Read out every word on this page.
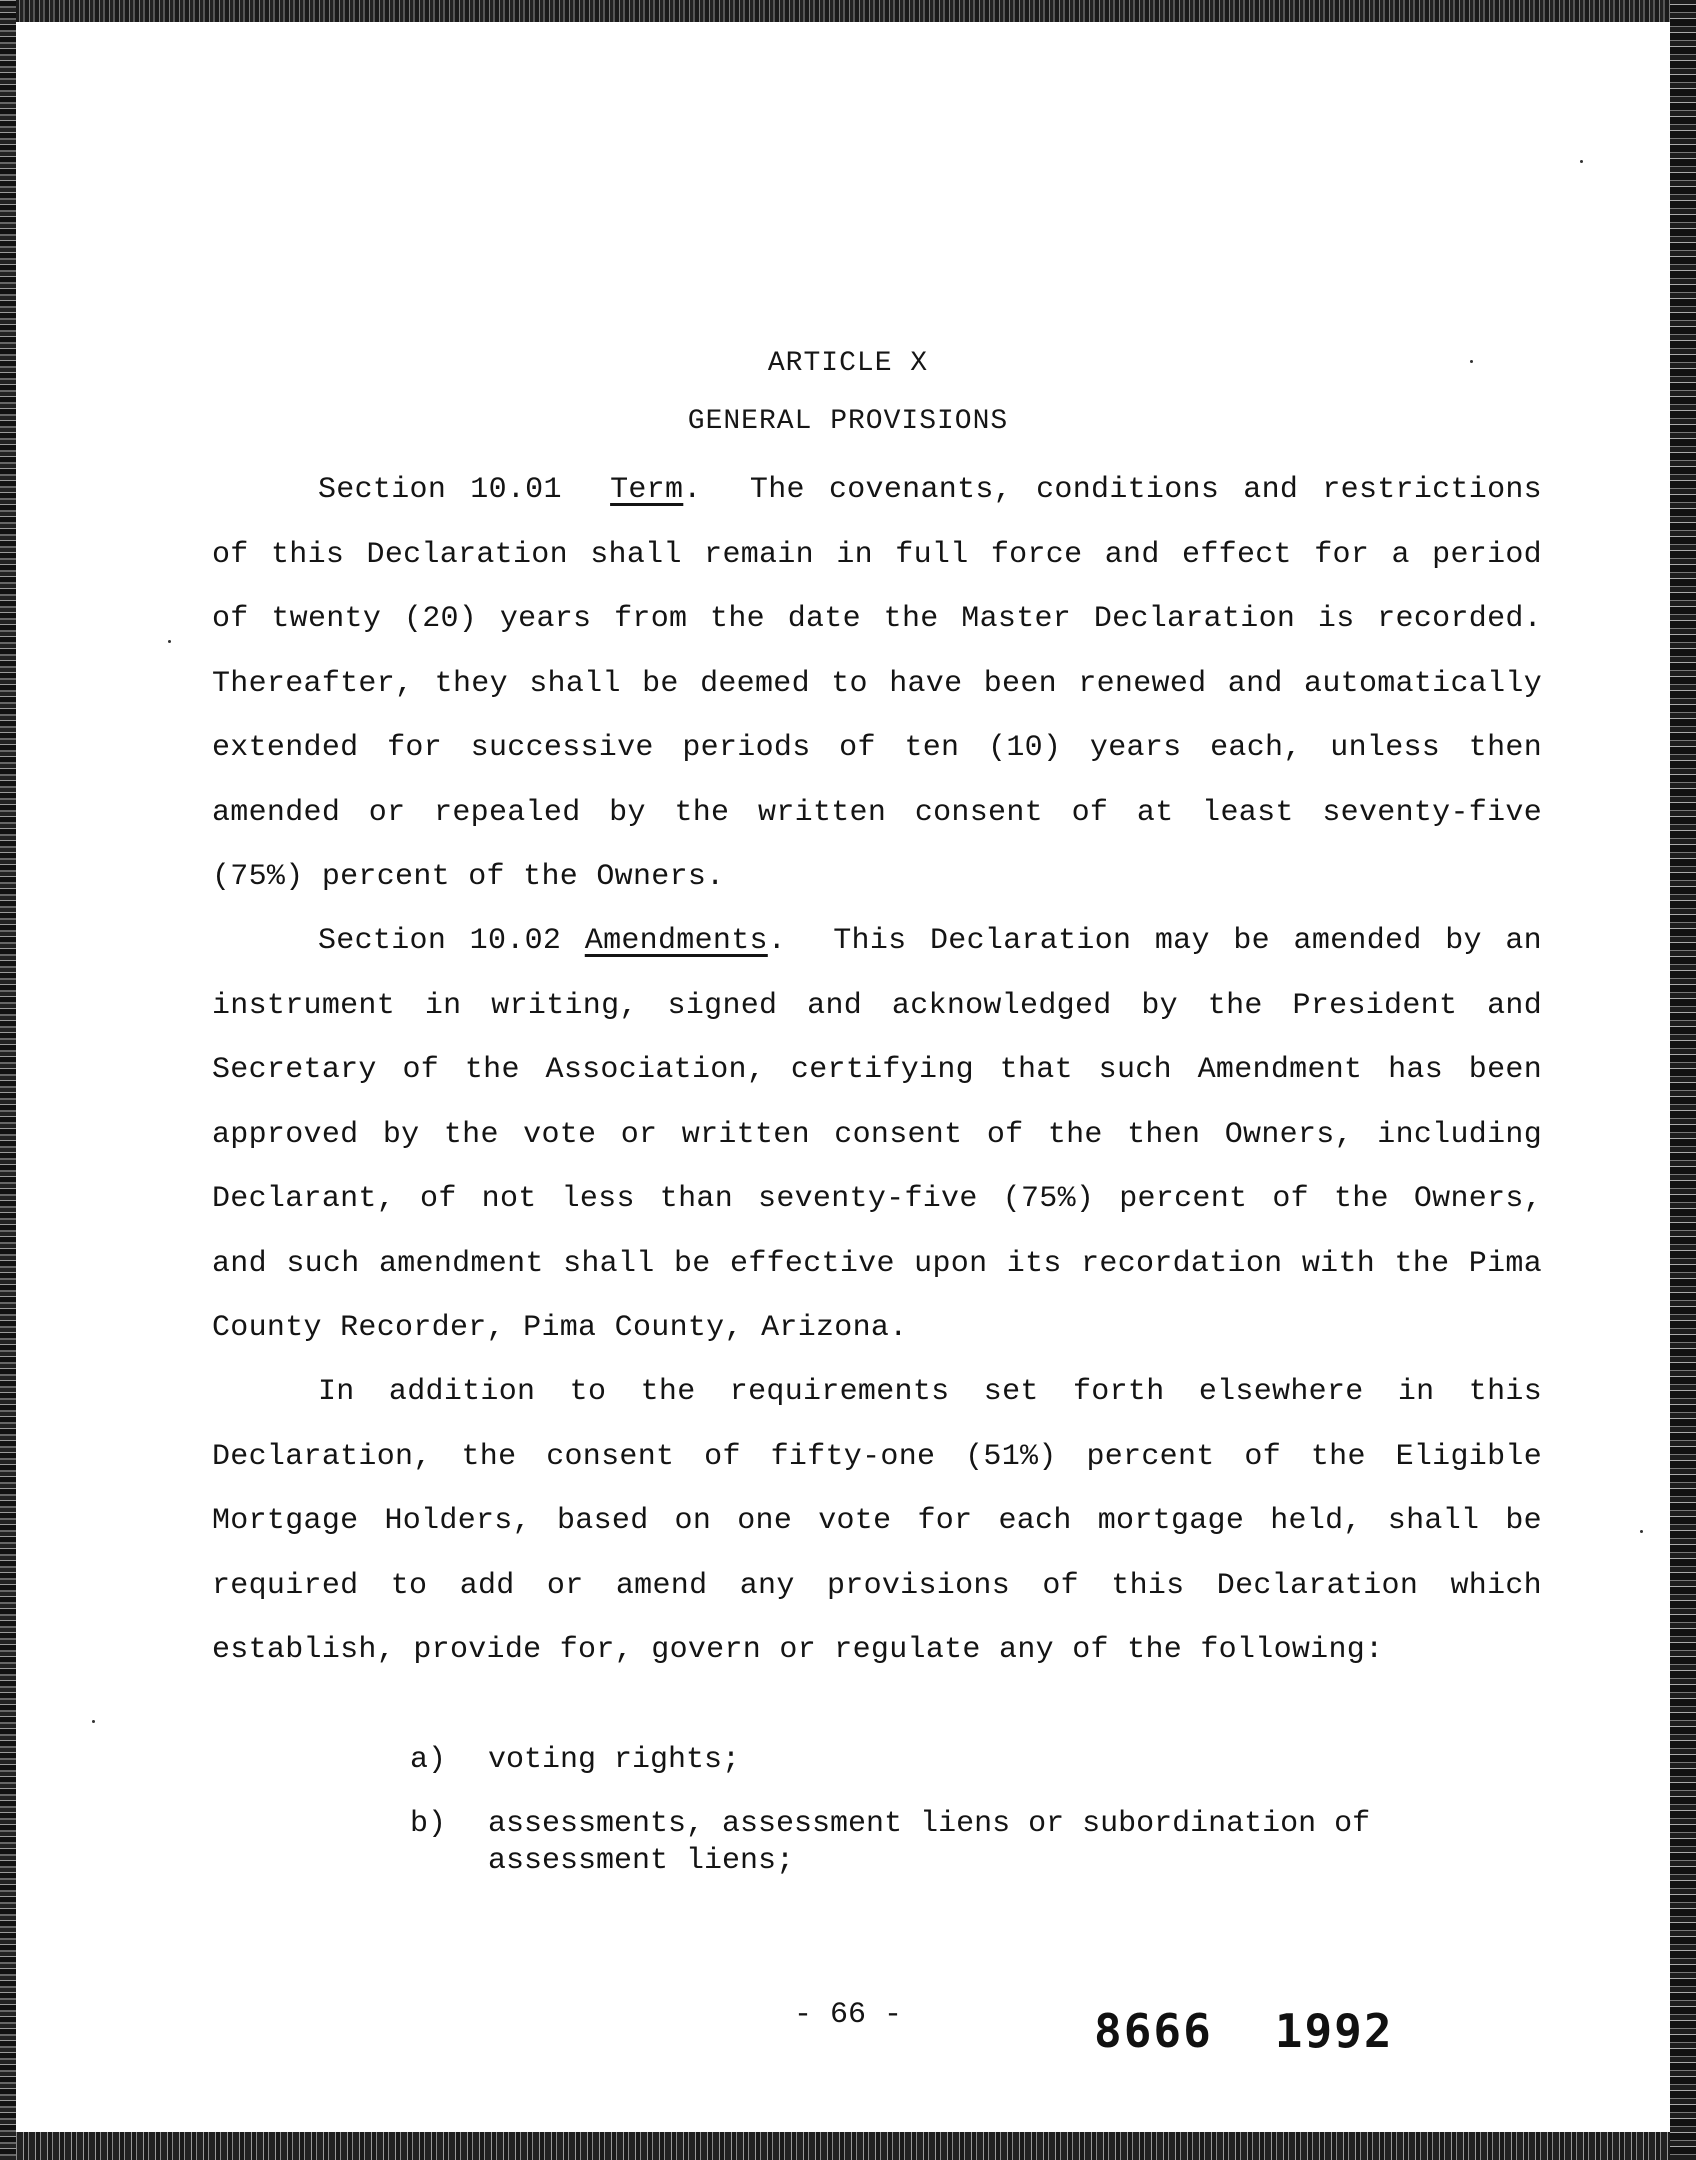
ARTICLE X
GENERAL PROVISIONS
Section 10.01 Term.  The covenants, conditions and restrictions of this Declaration shall remain in full force and effect for a period of twenty (20) years from the date the Master Declaration is recorded. Thereafter, they shall be deemed to have been renewed and automatically extended for successive periods of ten (10) years each, unless then amended or repealed by the written consent of at least seventy-five (75%) percent of the Owners.
Section 10.02 Amendments.  This Declaration may be amended by an instrument in writing, signed and acknowledged by the President and Secretary of the Association, certifying that such Amendment has been approved by the vote or written consent of the then Owners, including Declarant, of not less than seventy-five (75%) percent of the Owners, and such amendment shall be effective upon its recordation with the Pima County Recorder, Pima County, Arizona.
In addition to the requirements set forth elsewhere in this Declaration, the consent of fifty-one (51%) percent of the Eligible Mortgage Holders, based on one vote for each mortgage held, shall be required to add or amend any provisions of this Declaration which establish, provide for, govern or regulate any of the following:
a) voting rights;
b) assessments, assessment liens or subordination of assessment liens;
- 66 -	8666 1992
